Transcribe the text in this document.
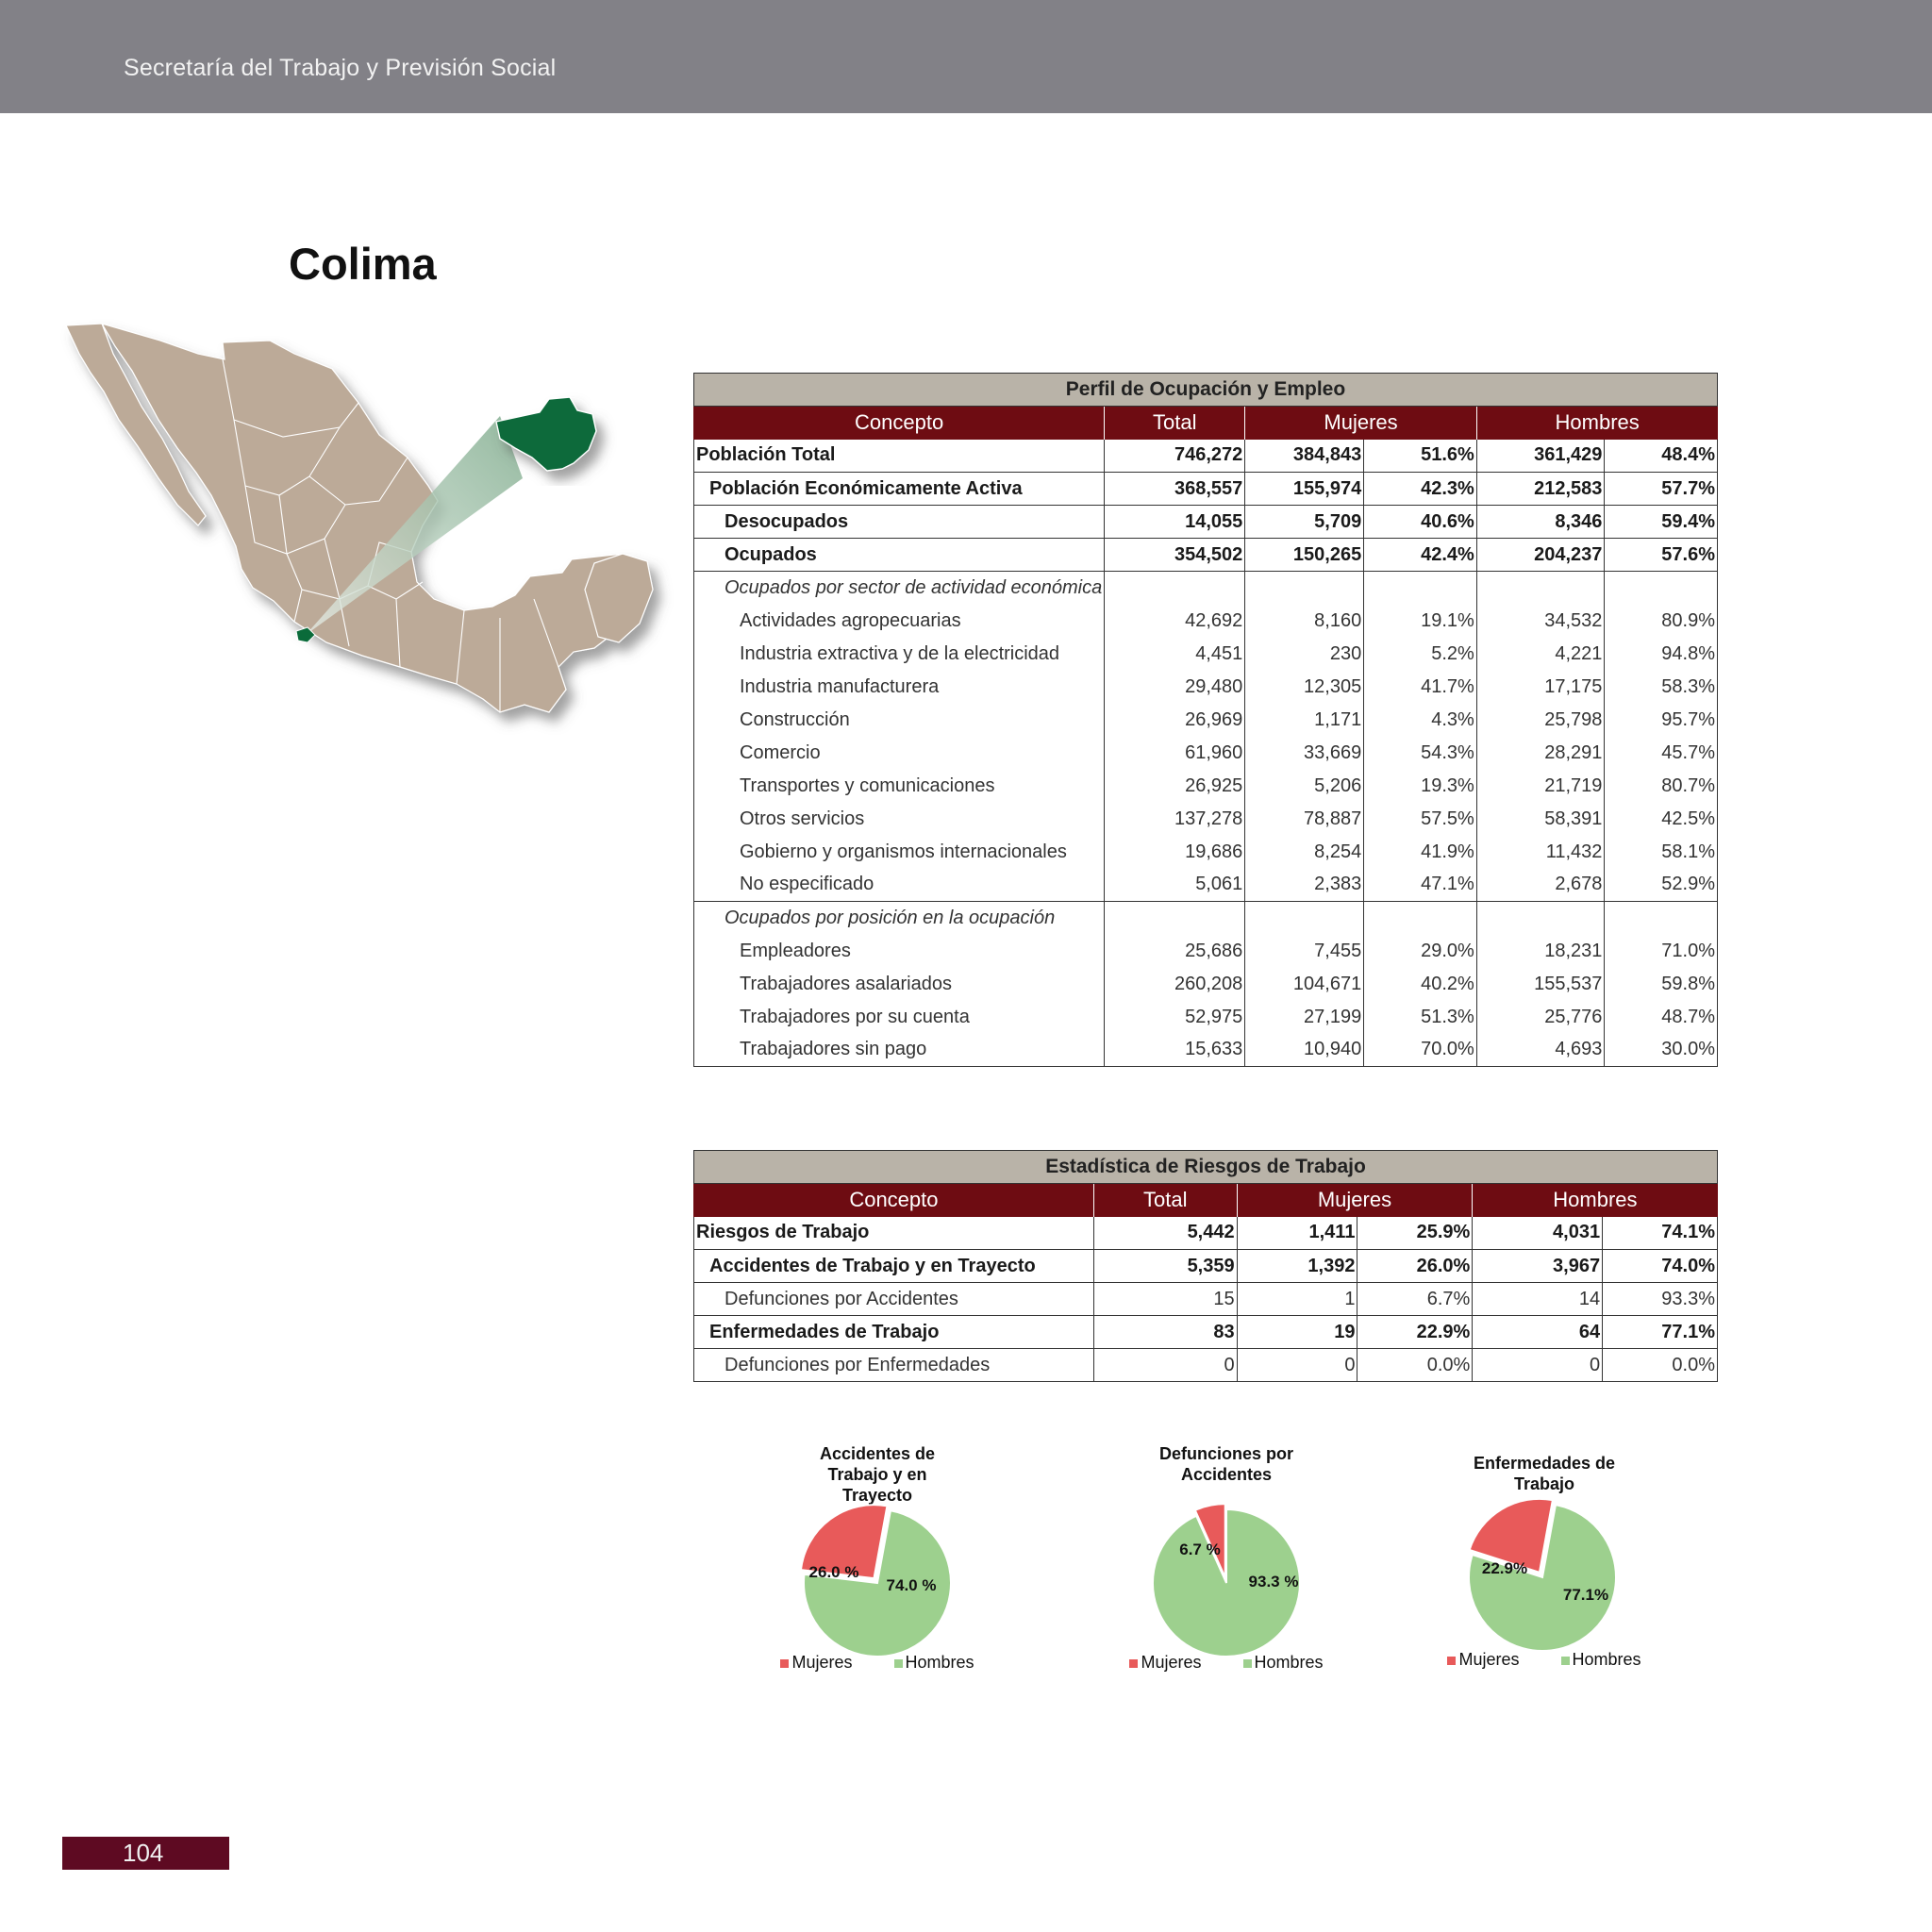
Secretaría del Trabajo y Previsión Social
Colima
Perfil de Ocupación y Empleo					
Concepto	Total	Mujeres		Hombres	
Población Total	746,272	384,843	51.6%	361,429	48.4%
Población Económicamente Activa	368,557	155,974	42.3%	212,583	57.7%
Desocupados	14,055	5,709	40.6%	8,346	59.4%
Ocupados	354,502	150,265	42.4%	204,237	57.6%
Ocupados por sector de actividad económica					
Actividades agropecuarias	42,692	8,160	19.1%	34,532	80.9%
Industria extractiva y de la electricidad	4,451	230	5.2%	4,221	94.8%
Industria manufacturera	29,480	12,305	41.7%	17,175	58.3%
Construcción	26,969	1,171	4.3%	25,798	95.7%
Comercio	61,960	33,669	54.3%	28,291	45.7%
Transportes y comunicaciones	26,925	5,206	19.3%	21,719	80.7%
Otros servicios	137,278	78,887	57.5%	58,391	42.5%
Gobierno y organismos internacionales	19,686	8,254	41.9%	11,432	58.1%
No especificado	5,061	2,383	47.1%	2,678	52.9%
Ocupados por posición en la ocupación					
Empleadores	25,686	7,455	29.0%	18,231	71.0%
Trabajadores asalariados	260,208	104,671	40.2%	155,537	59.8%
Trabajadores por su cuenta	52,975	27,199	51.3%	25,776	48.7%
Trabajadores sin pago	15,633	10,940	70.0%	4,693	30.0%
Estadística de Riesgos de Trabajo					
Concepto	Total	Mujeres		Hombres	
Riesgos de Trabajo	5,442	1,411	25.9%	4,031	74.1%
Accidentes de Trabajo y en Trayecto	5,359	1,392	26.0%	3,967	74.0%
Defunciones por Accidentes	15	1	6.7%	14	93.3%
Enfermedades de Trabajo	83	19	22.9%	64	77.1%
Defunciones por Enfermedades	0	0	0.0%	0	0.0%
Accidentes de Trabajo y en Trayecto
26.0 %
74.0 %
Mujeres	Hombres
Defunciones por Accidentes
6.7 %
93.3 %
Mujeres	Hombres
Enfermedades de Trabajo
22.9%
77.1%
Mujeres	Hombres
104
